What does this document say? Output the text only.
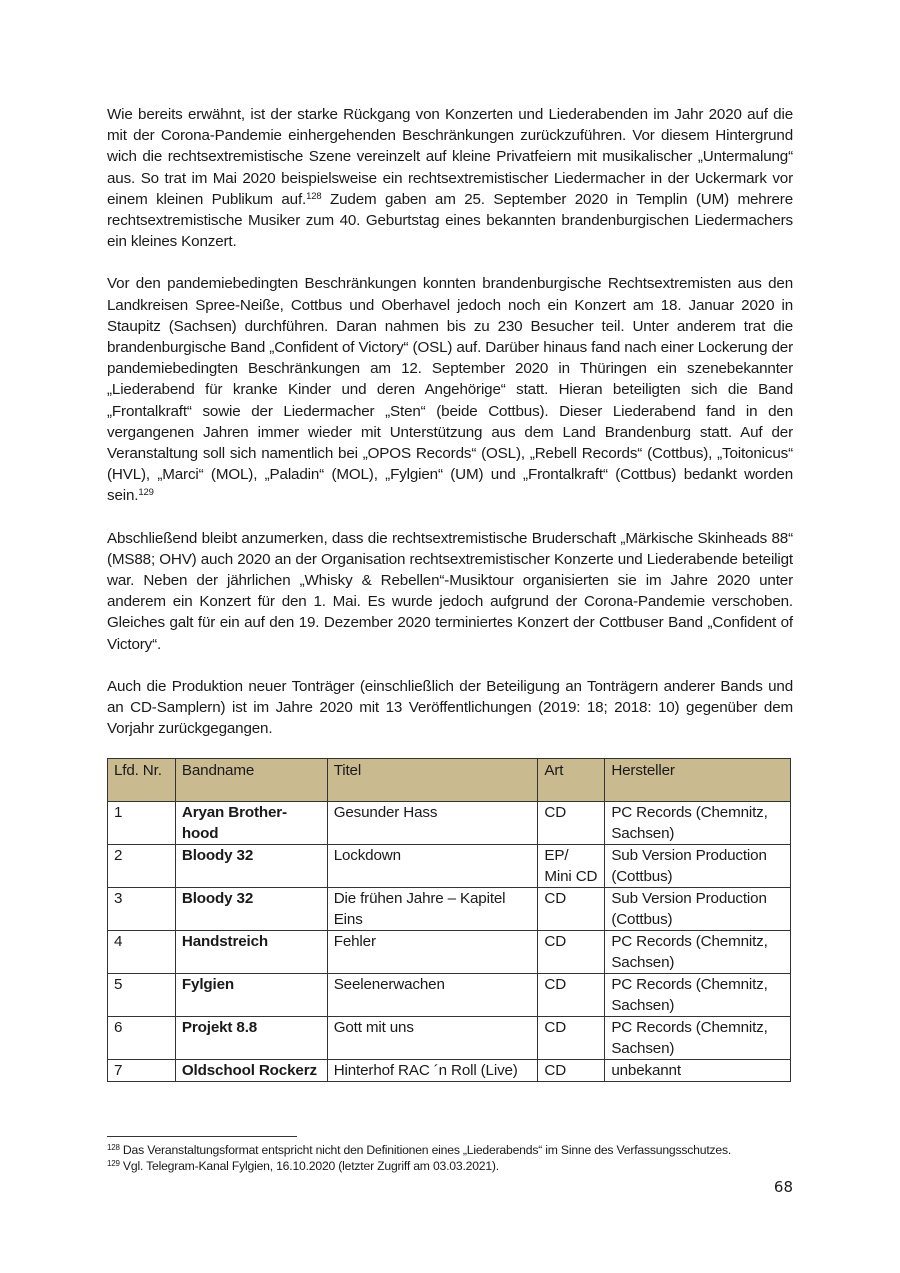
Wie bereits erwähnt, ist der starke Rückgang von Konzerten und Liederabenden im Jahr 2020 auf die mit der Corona-Pandemie einhergehenden Beschränkungen zurückzuführen. Vor diesem Hintergrund wich die rechtsextremistische Szene vereinzelt auf kleine Privatfeiern mit musikalischer „Untermalung“ aus. So trat im Mai 2020 beispielsweise ein rechtsextremistischer Liedermacher in der Uckermark vor einem kleinen Publikum auf.$^{128}$ Zudem gaben am 25. September 2020 in Templin (UM) mehrere rechtsextremistische Musiker zum 40. Geburtstag eines bekannten brandenburgischen Liedermachers ein kleines Konzert.

Vor den pandemiebedingten Beschränkungen konnten brandenburgische Rechtsextremisten aus den Landkreisen Spree-Neiße, Cottbus und Oberhavel jedoch noch ein Konzert am 18. Januar 2020 in Staupitz (Sachsen) durchführen. Daran nahmen bis zu 230 Besucher teil. Unter anderem trat die brandenburgische Band „Confident of Victory“ (OSL) auf. Darüber hinaus fand nach einer Lockerung der pandemiebedingten Beschränkungen am 12. September 2020 in Thüringen ein szenebekannter „Liederabend für kranke Kinder und deren Angehörige“ statt. Hieran beteiligten sich die Band „Frontalkraft“ sowie der Liedermacher „Sten“ (beide Cottbus). Dieser Liederabend fand in den vergangenen Jahren immer wieder mit Unterstützung aus dem Land Brandenburg statt. Auf der Veranstaltung soll sich namentlich bei „OPOS Records“ (OSL), „Rebell Records“ (Cottbus), „Toitonicus“ (HVL), „Marci“ (MOL), „Paladin“ (MOL), „Fylgien“ (UM) und „Frontalkraft“ (Cottbus) bedankt worden sein.$^{129}$

Abschließend bleibt anzumerken, dass die rechtsextremistische Bruderschaft „Märkische Skinheads 88“ (MS88; OHV) auch 2020 an der Organisation rechtsextremistischer Konzerte und Liederabende beteiligt war. Neben der jährlichen „Whisky & Rebellen“-Musiktour organisierten sie im Jahre 2020 unter anderem ein Konzert für den 1. Mai. Es wurde jedoch aufgrund der Corona-Pandemie verschoben. Gleiches galt für ein auf den 19. Dezember 2020 terminiertes Konzert der Cottbuser Band „Confident of Victory“.

Auch die Produktion neuer Tonträger (einschließlich der Beteiligung an Tonträgern anderer Bands und an CD-Samplern) ist im Jahre 2020 mit 13 Veröffentlichungen (2019: 18; 2018: 10) gegenüber dem Vorjahr zurückgegangen.

Lfd. Nr.	Bandname	Titel	Art	Hersteller
1	Aryan Brother-hood	Gesunder Hass	CD	PC Records (Chemnitz, Sachsen)
2	Bloody 32	Lockdown	EP/ Mini CD	Sub Version Production (Cottbus)
3	Bloody 32	Die frühen Jahre – Kapitel Eins	CD	Sub Version Production (Cottbus)
4	Handstreich	Fehler	CD	PC Records (Chemnitz, Sachsen)
5	Fylgien	Seelenerwachen	CD	PC Records (Chemnitz, Sachsen)
6	Projekt 8.8	Gott mit uns	CD	PC Records (Chemnitz, Sachsen)
7	Oldschool Rockerz	Hinterhof RAC ´n Roll (Live)	CD	unbekannt
$^{128}$ Das Veranstaltungsformat entspricht nicht den Definitionen eines „Liederabends“ im Sinne des Verfassungsschutzes.
$^{129}$ Vgl. Telegram-Kanal Fylgien, 16.10.2020 (letzter Zugriff am 03.03.2021).
68
